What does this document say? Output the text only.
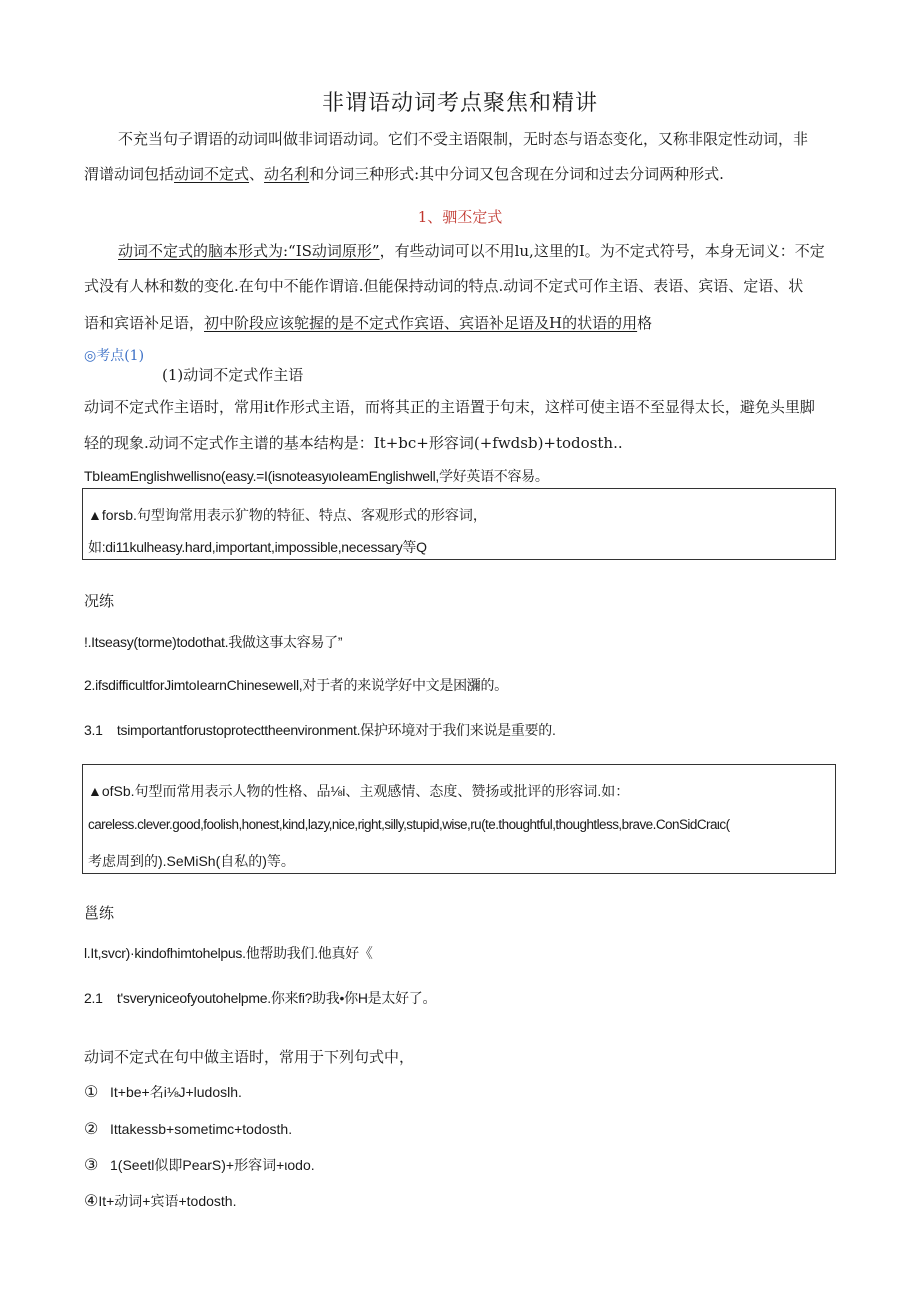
非谓语动词考点聚焦和精讲
不充当句子谓语的动词叫做非词语动词。它们不受主语限制，无时态与语态变化，又称非限定性动词，非
渭谱动词包括动词不定式、动名利和分词三种形式:其中分词又包含现在分词和过去分词两种形式.
1、驷丕定式
动词不定式的脑本形式为:“IS动词原形”，有些动词可以不用lu,这里的I。为不定式符号，本身无词义：不定
式没有人林和数的变化.在句中不能作谓谙.但能保持动词的特点.动词不定式可作主语、表语、宾语、定语、状
语和宾语补足语，初中阶段应该鸵握的是不定式作宾语、宾语补足语及H的状语的用格
◎考点(1)
(1)动词不定式作主语
动词不定式作主语时，常用it作形式主语，而将其正的主语置于句末，这样可使主语不至显得太长，避免头里脚
轻的现象.动词不定式作主谱的基本结构是：It+bc+形容词(+fwdsb)+todosth..
TbIeamEnglishwellisno(easy.=I(isnoteasyιoIeamEnglishwell,学好英语不容易。
▲forsb.句型询常用表示犷物的特征、特点、客观形式的形容词，
如:di11kulheasy.hard,important,impossible,necessary等Q
况练
!.Itseasy(torme)todothat.我做这事太容易了”
2.ifsdifficultforJimtoIearnChinesewell,对于者的来说学好中文是困瀰的。
3.1    tsimportantforustoprotecttheenvironment.保护环境对于我们来说是重要的.
▲ofSb.句型而常用表示人物的性格、品⅛i、主观感情、态度、赞扬或批评的形容词.如：
careless.clever.good,foolish,honest,kind,lazy,nice,right,silly,stupid,wise,ru(te.thoughtful,thoughtless,brave.ConSidCraιc(
考虑周到的).SeMiSh(自私的)等。
邕练
l.It,svcr)·kindofhimtohelpus.他帮助我们.他真好《
2.1    t'sveryniceofyoutohelpme.你来fi?助我•你H是太好了。
动词不定式在句中做主语时，常用于下列句式中，
① It+be+名i⅛J+ludoslh.
② Ittakessb+sometimc+todosth.
③ 1(Seetl似即PearS)+形容词+ιodo.
④It+动词+宾语+todosth.
